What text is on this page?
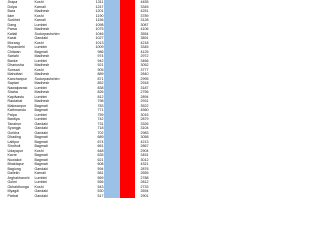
Jhapa	Koshi	1311	4455
Dolpa	Karnali	1247	3345
Bara	Madhesh	1201	4251
Ilam	Koshi	1190	3789
Surkhet	Karnali	1156	3128
Dang	Lumbini	1098	3087
Parsa	Madhesh	1075	4106
Kailali	Sudurpashchim	1046	3554
Kaski	Gandaki	1027	3891
Morang	Koshi	1013	4218
Rupandehi	Lumbini	1009	3345
Chitwan	Bagmati	986	4125
Sarlahi	Madhesh	974	2972
Banke	Lumbini	942	3466
Dhanusha	Madhesh	921	3052
Sunsari	Koshi	905	3777
Mahottari	Madhesh	889	2840
Kanchanpur	Sudurpashchim	871	2995
Saptari	Madhesh	852	2918
Nawalparasi	Lumbini	838	3187
Siraha	Madhesh	826	2756
Kapilvastu	Lumbini	812	2894
Rautahat	Madhesh	798	2931
Makwanpur	Bagmati	783	3522
Kathmandu	Bagmati	771	4560
Palpa	Lumbini	759	3015
Bardiya	Lumbini	742	2879
Tanahun	Gandaki	731	3326
Syangja	Gandaki	718	3104
Gorkha	Gandaki	702	2983
Dhading	Bagmati	689	3058
Lalitpur	Bagmati	674	4213
Sindhuli	Bagmati	661	2867
Udayapur	Koshi	648	2904
Kavre	Bagmati	635	3451
Nuwakot	Bagmati	621	3012
Bhaktapur	Bagmati	608	4321
Baglung	Gandaki	594	2876
Dailekh	Karnali	581	2655
Arghakhanchi	Lumbini	569	2788
Gulmi	Lumbini	556	2812
Okhaldhunga	Koshi	543	2733
Myagdi	Gandaki	530	2694
Parbat	Gandaki	517	2901
